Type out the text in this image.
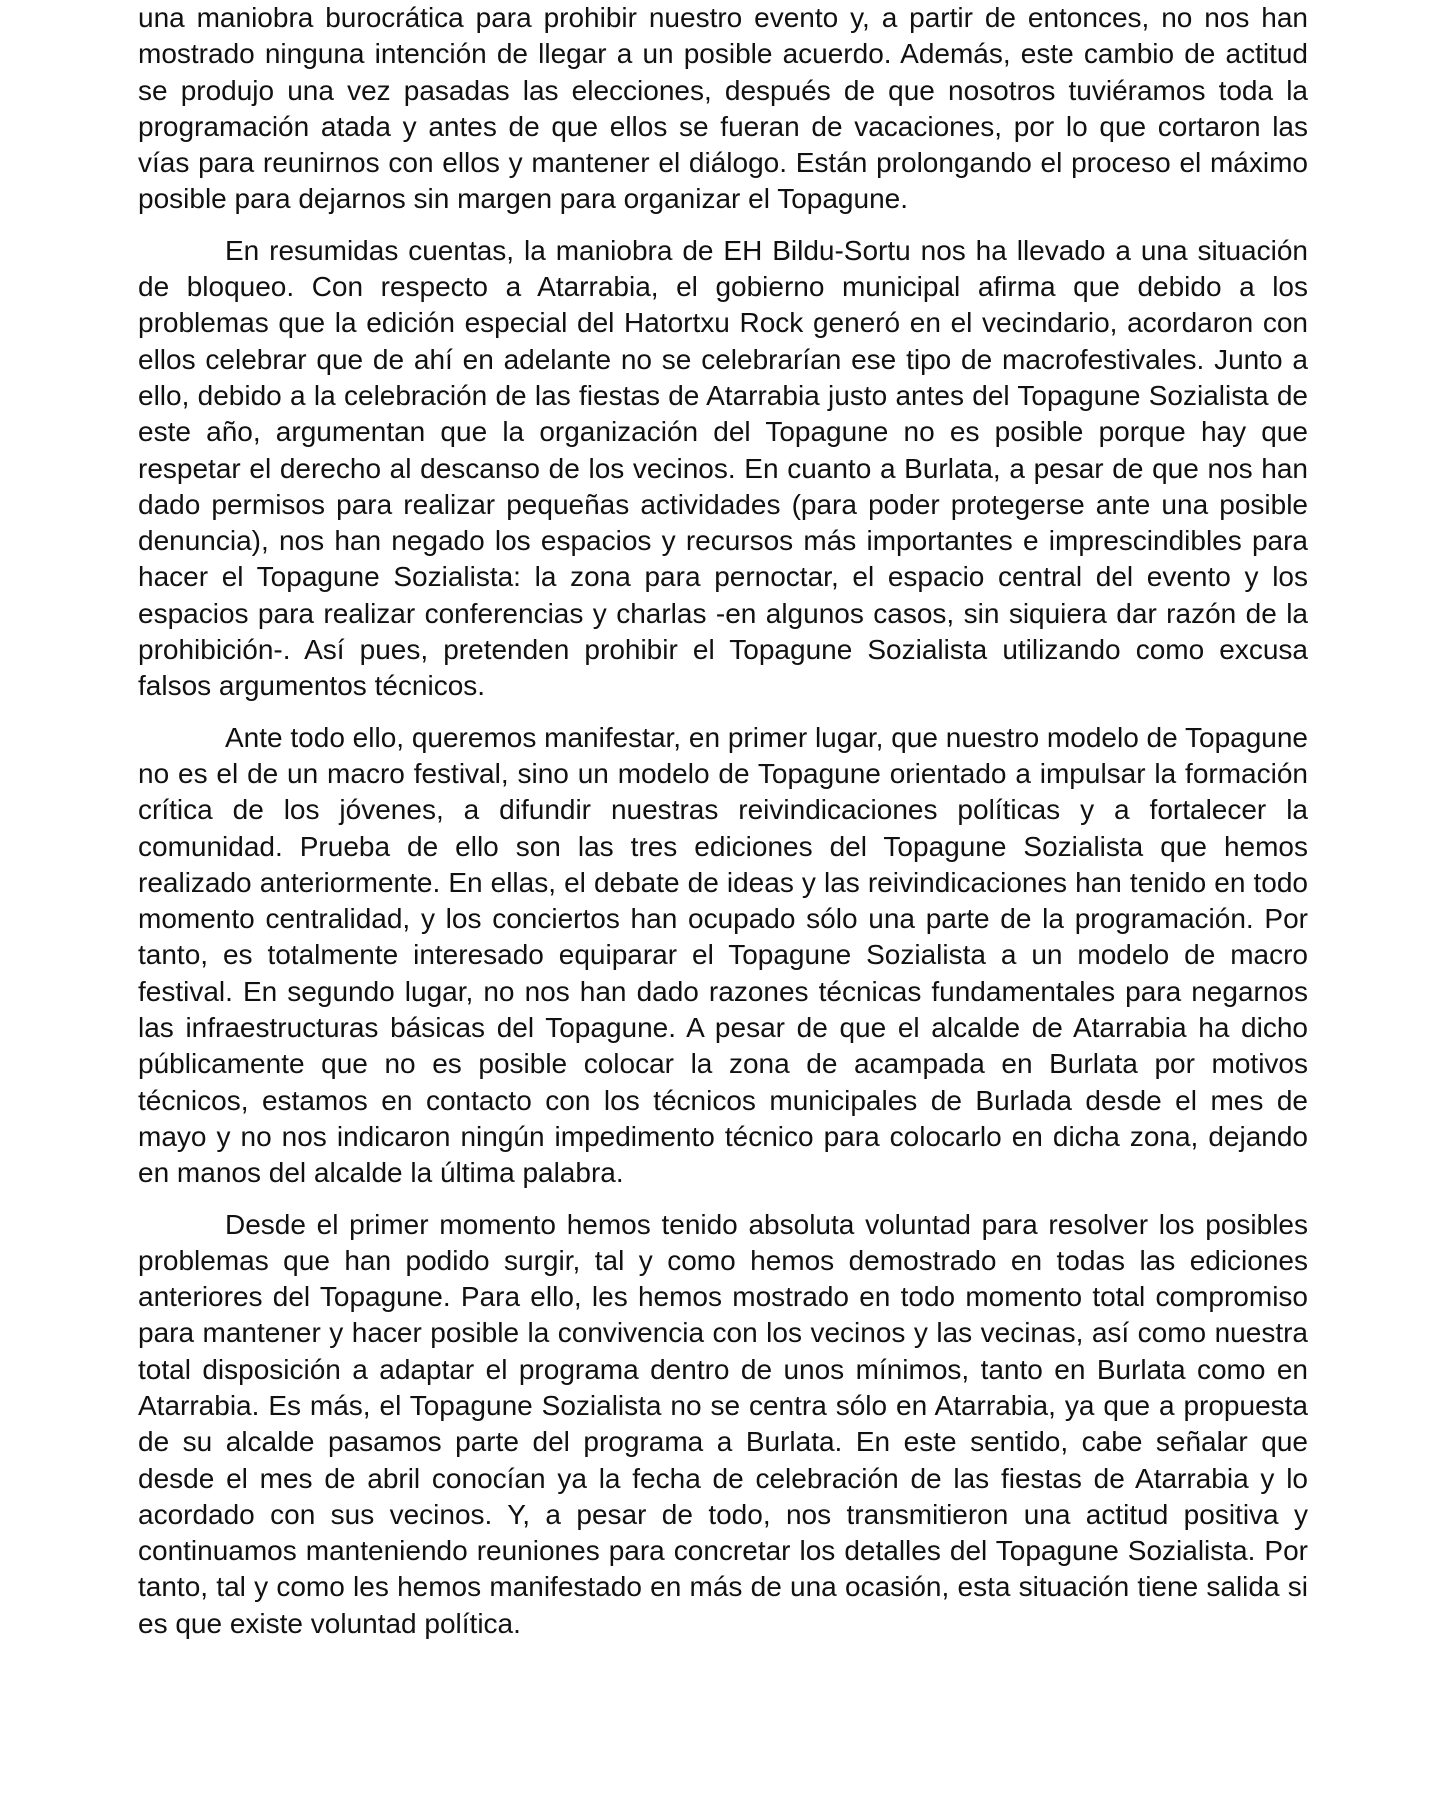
una maniobra burocrática para prohibir nuestro evento y, a partir de entonces, no nos han mostrado ninguna intención de llegar a un posible acuerdo. Además, este cambio de actitud se produjo una vez pasadas las elecciones, después de que nosotros tuviéramos toda la programación atada y antes de que ellos se fueran de vacaciones, por lo que cortaron las vías para reunirnos con ellos y mantener el diálogo. Están prolongando el proceso el máximo posible para dejarnos sin margen para organizar el Topagune.

En resumidas cuentas, la maniobra de EH Bildu-Sortu nos ha llevado a una situación de bloqueo. Con respecto a Atarrabia, el gobierno municipal afirma que debido a los problemas que la edición especial del Hatortxu Rock generó en el vecindario, acordaron con ellos celebrar que de ahí en adelante no se celebrarían ese tipo de macrofestivales. Junto a ello, debido a la celebración de las fiestas de Atarrabia justo antes del Topagune Sozialista de este año, argumentan que la organización del Topagune no es posible porque hay que respetar el derecho al descanso de los vecinos. En cuanto a Burlata, a pesar de que nos han dado permisos para realizar pequeñas actividades (para poder protegerse ante una posible denuncia), nos han negado los espacios y recursos más importantes e imprescindibles para hacer el Topagune Sozialista: la zona para pernoctar, el espacio central del evento y los espacios para realizar conferencias y charlas -en algunos casos, sin siquiera dar razón de la prohibición-. Así pues, pretenden prohibir el Topagune Sozialista utilizando como excusa falsos argumentos técnicos.

Ante todo ello, queremos manifestar, en primer lugar, que nuestro modelo de Topagune no es el de un macro festival, sino un modelo de Topagune orientado a impulsar la formación crítica de los jóvenes, a difundir nuestras reivindicaciones políticas y a fortalecer la comunidad. Prueba de ello son las tres ediciones del Topagune Sozialista que hemos realizado anteriormente. En ellas, el debate de ideas y las reivindicaciones han tenido en todo momento centralidad, y los conciertos han ocupado sólo una parte de la programación. Por tanto, es totalmente interesado equiparar el Topagune Sozialista a un modelo de macro festival. En segundo lugar, no nos han dado razones técnicas fundamentales para negarnos las infraestructuras básicas del Topagune. A pesar de que el alcalde de Atarrabia ha dicho públicamente que no es posible colocar la zona de acampada en Burlata por motivos técnicos, estamos en contacto con los técnicos municipales de Burlada desde el mes de mayo y no nos indicaron ningún impedimento técnico para colocarlo en dicha zona, dejando en manos del alcalde la última palabra.

Desde el primer momento hemos tenido absoluta voluntad para resolver los posibles problemas que han podido surgir, tal y como hemos demostrado en todas las ediciones anteriores del Topagune. Para ello, les hemos mostrado en todo momento total compromiso para mantener y hacer posible la convivencia con los vecinos y las vecinas, así como nuestra total disposición a adaptar el programa dentro de unos mínimos, tanto en Burlata como en Atarrabia. Es más, el Topagune Sozialista no se centra sólo en Atarrabia, ya que a propuesta de su alcalde pasamos parte del programa a Burlata. En este sentido, cabe señalar que desde el mes de abril conocían ya la fecha de celebración de las fiestas de Atarrabia y lo acordado con sus vecinos. Y, a pesar de todo, nos transmitieron una actitud positiva y continuamos manteniendo reuniones para concretar los detalles del Topagune Sozialista. Por tanto, tal y como les hemos manifestado en más de una ocasión, esta situación tiene salida si es que existe voluntad política.
